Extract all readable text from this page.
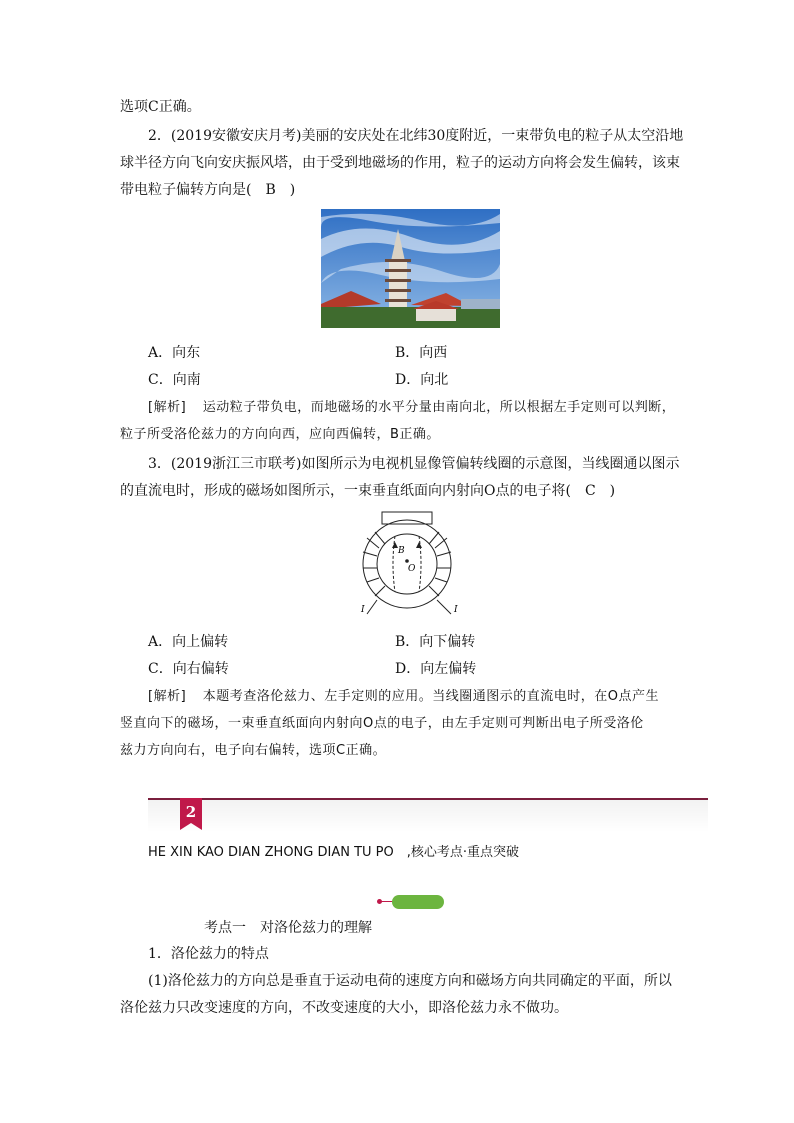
选项C正确。
2．(2019安徽安庆月考)美丽的安庆处在北纬30度附近，一束带负电的粒子从太空沿地
球半径方向飞向安庆振风塔，由于受到地磁场的作用，粒子的运动方向将会发生偏转，该束
带电粒子偏转方向是(　B　)
A．向东	B．向西
C．向南	D．向北
[解析] 运动粒子带负电，而地磁场的水平分量由南向北，所以根据左手定则可以判断，
粒子所受洛伦兹力的方向向西，应向西偏转，B正确。
3．(2019浙江三市联考)如图所示为电视机显像管偏转线圈的示意图，当线圈通以图示
的直流电时，形成的磁场如图所示，一束垂直纸面向内射向O点的电子将(　C　)
B
O
I	I
A．向上偏转	B．向下偏转
C．向右偏转	D．向左偏转
[解析] 本题考查洛伦兹力、左手定则的应用。当线圈通图示的直流电时，在O点产生
竖直向下的磁场，一束垂直纸面向内射向O点的电子，由左手定则可判断出电子所受洛伦
兹力方向向右，电子向右偏转，选项C正确。
2
HE XIN KAO DIAN ZHONG DIAN TU PO　,核心考点·重点突破
考点一　对洛伦兹力的理解
1．洛伦兹力的特点
(1)洛伦兹力的方向总是垂直于运动电荷的速度方向和磁场方向共同确定的平面，所以
洛伦兹力只改变速度的方向，不改变速度的大小，即洛伦兹力永不做功。
